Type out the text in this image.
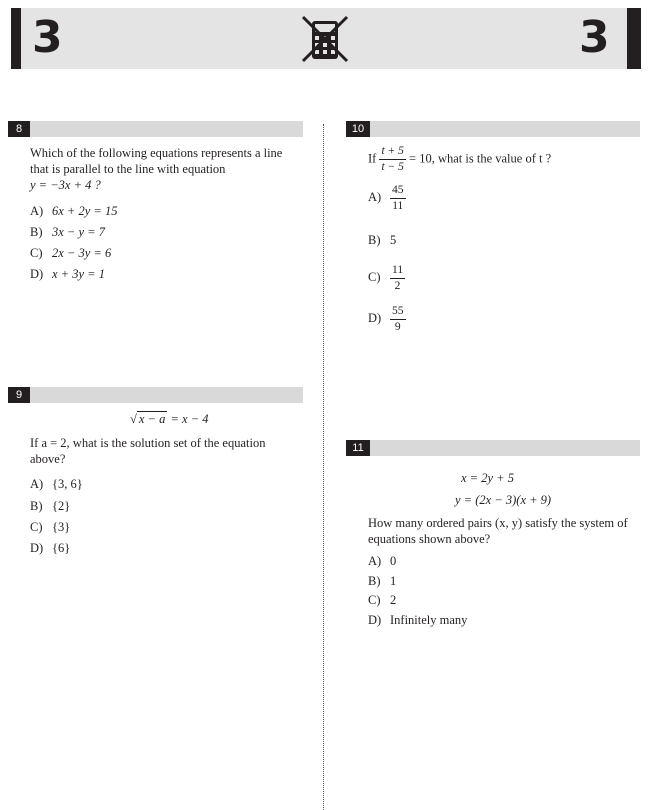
3	3
8
Which of the following equations represents a line
that is parallel to the line with equation
y = −3x + 4 ?
A) 6x + 2y = 15
B) 3x − y = 7
C) 2x − 3y = 6
D) x + 3y = 1
9
√ x − a = x − 4
If a = 2, what is the solution set of the equation
above?
A) {3, 6}
B) {2}
C) {3}
D) {6}
10
If $\frac{t + 5}{t - 5} = 10$, what is the value of t ?
$A) \frac{45}{11}$
B) 5
$C) \frac{11}{2}$
$D) \frac{55}{9}$
11
x = 2y + 5
y = (2x − 3)(x + 9)
How many ordered pairs (x, y) satisfy the system of
equations shown above?
A) 0
B) 1
C) 2
D) Infinitely many
